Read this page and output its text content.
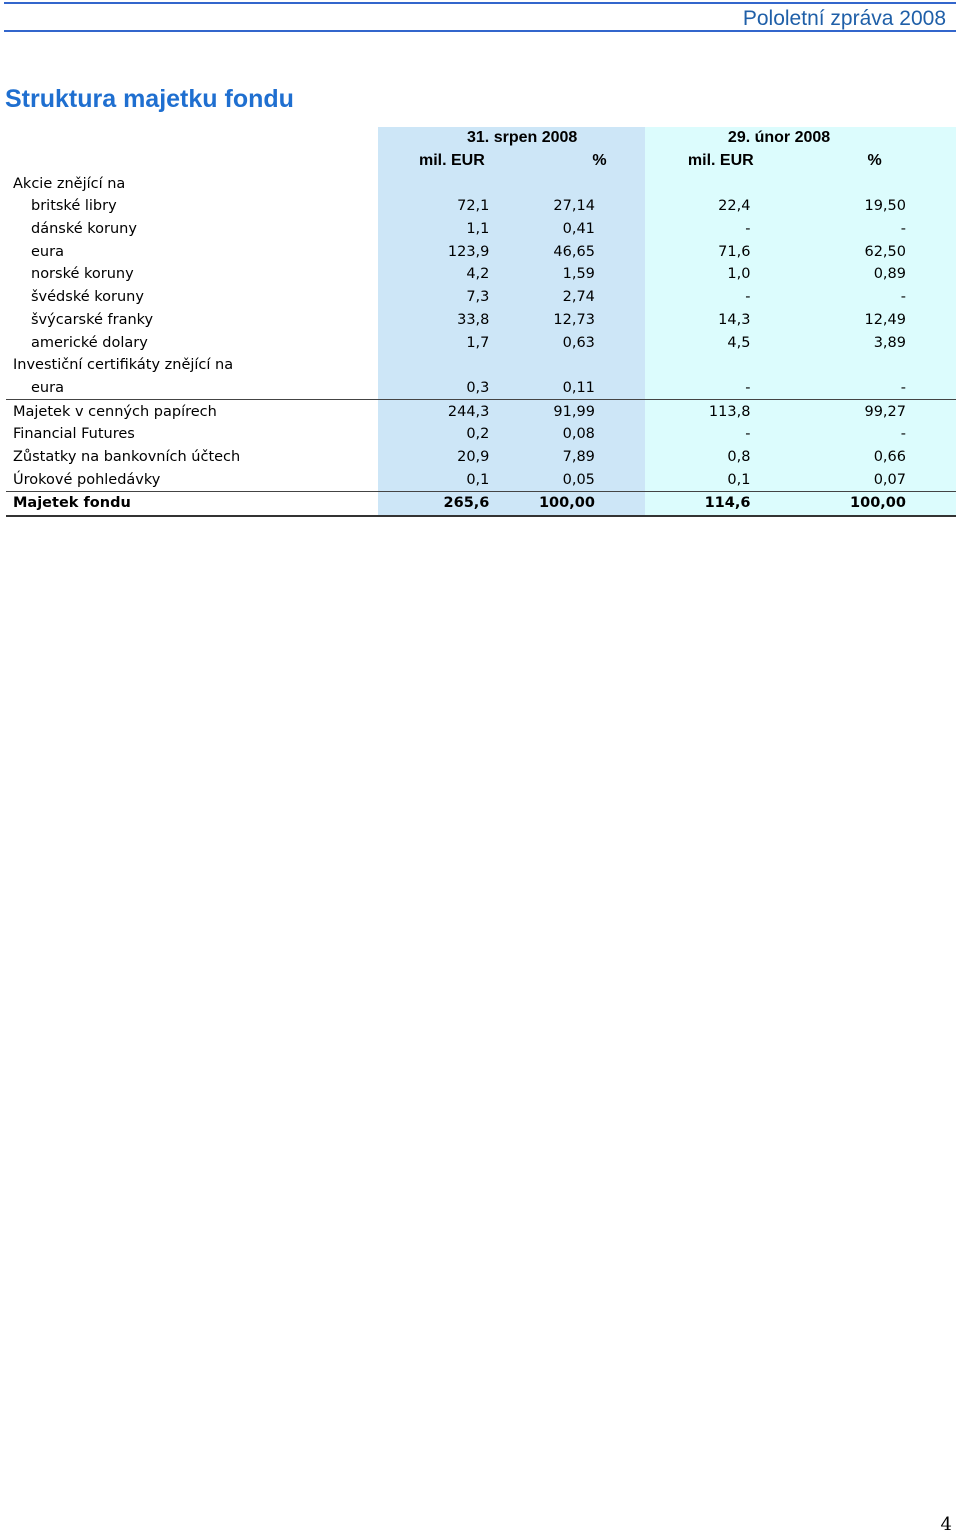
Pololetní zpráva 2008
Struktura majetku fondu
	31. srpen 2008		29. únor 2008	
	mil. EUR	%	mil. EUR	%
Akcie znějící na				
britské libry	72,1	27,14	22,4	19,50
dánské koruny	1,1	0,41	-	-
eura	123,9	46,65	71,6	62,50
norské koruny	4,2	1,59	1,0	0,89
švédské koruny	7,3	2,74	-	-
švýcarské franky	33,8	12,73	14,3	12,49
americké dolary	1,7	0,63	4,5	3,89
Investiční certifikáty znějící na				
eura	0,3	0,11	-	-
Majetek v cenných papírech	244,3	91,99	113,8	99,27
Financial Futures	0,2	0,08	-	-
Zůstatky na bankovních účtech	20,9	7,89	0,8	0,66
Úrokové pohledávky	0,1	0,05	0,1	0,07
Majetek fondu	265,6	100,00	114,6	100,00
4
